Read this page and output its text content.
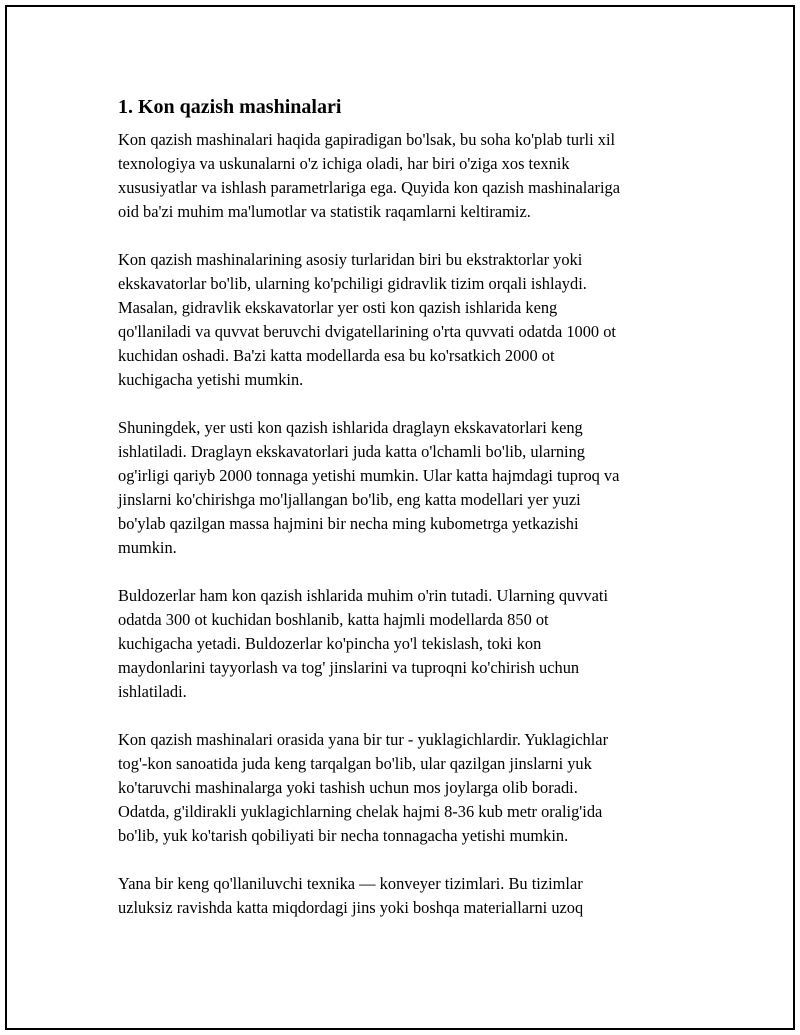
1. Kon qazish mashinalari

Kon qazish mashinalari haqida gapiradigan bo'lsak, bu soha ko'plab turli xil
texnologiya va uskunalarni o'z ichiga oladi, har biri o'ziga xos texnik
xususiyatlar va ishlash parametrlariga ega. Quyida kon qazish mashinalariga
oid ba'zi muhim ma'lumotlar va statistik raqamlarni keltiramiz.

Kon qazish mashinalarining asosiy turlaridan biri bu ekstraktorlar yoki
ekskavatorlar bo'lib, ularning ko'pchiligi gidravlik tizim orqali ishlaydi.
Masalan, gidravlik ekskavatorlar yer osti kon qazish ishlarida keng
qo'llaniladi va quvvat beruvchi dvigatellarining o'rta quvvati odatda 1000 ot
kuchidan oshadi. Ba'zi katta modellarda esa bu ko'rsatkich 2000 ot
kuchigacha yetishi mumkin.

Shuningdek, yer usti kon qazish ishlarida draglayn ekskavatorlari keng
ishlatiladi. Draglayn ekskavatorlari juda katta o'lchamli bo'lib, ularning
og'irligi qariyb 2000 tonnaga yetishi mumkin. Ular katta hajmdagi tuproq va
jinslarni ko'chirishga mo'ljallangan bo'lib, eng katta modellari yer yuzi
bo'ylab qazilgan massa hajmini bir necha ming kubometrga yetkazishi
mumkin.

Buldozerlar ham kon qazish ishlarida muhim o'rin tutadi. Ularning quvvati
odatda 300 ot kuchidan boshlanib, katta hajmli modellarda 850 ot
kuchigacha yetadi. Buldozerlar ko'pincha yo'l tekislash, toki kon
maydonlarini tayyorlash va tog' jinslarini va tuproqni ko'chirish uchun
ishlatiladi.

Kon qazish mashinalari orasida yana bir tur - yuklagichlardir. Yuklagichlar
tog'-kon sanoatida juda keng tarqalgan bo'lib, ular qazilgan jinslarni yuk
ko'taruvchi mashinalarga yoki tashish uchun mos joylarga olib boradi.
Odatda, g'ildirakli yuklagichlarning chelak hajmi 8-36 kub metr oralig'ida
bo'lib, yuk ko'tarish qobiliyati bir necha tonnagacha yetishi mumkin.

Yana bir keng qo'llaniluvchi texnika — konveyer tizimlari. Bu tizimlar
uzluksiz ravishda katta miqdordagi jins yoki boshqa materiallarni uzoq
